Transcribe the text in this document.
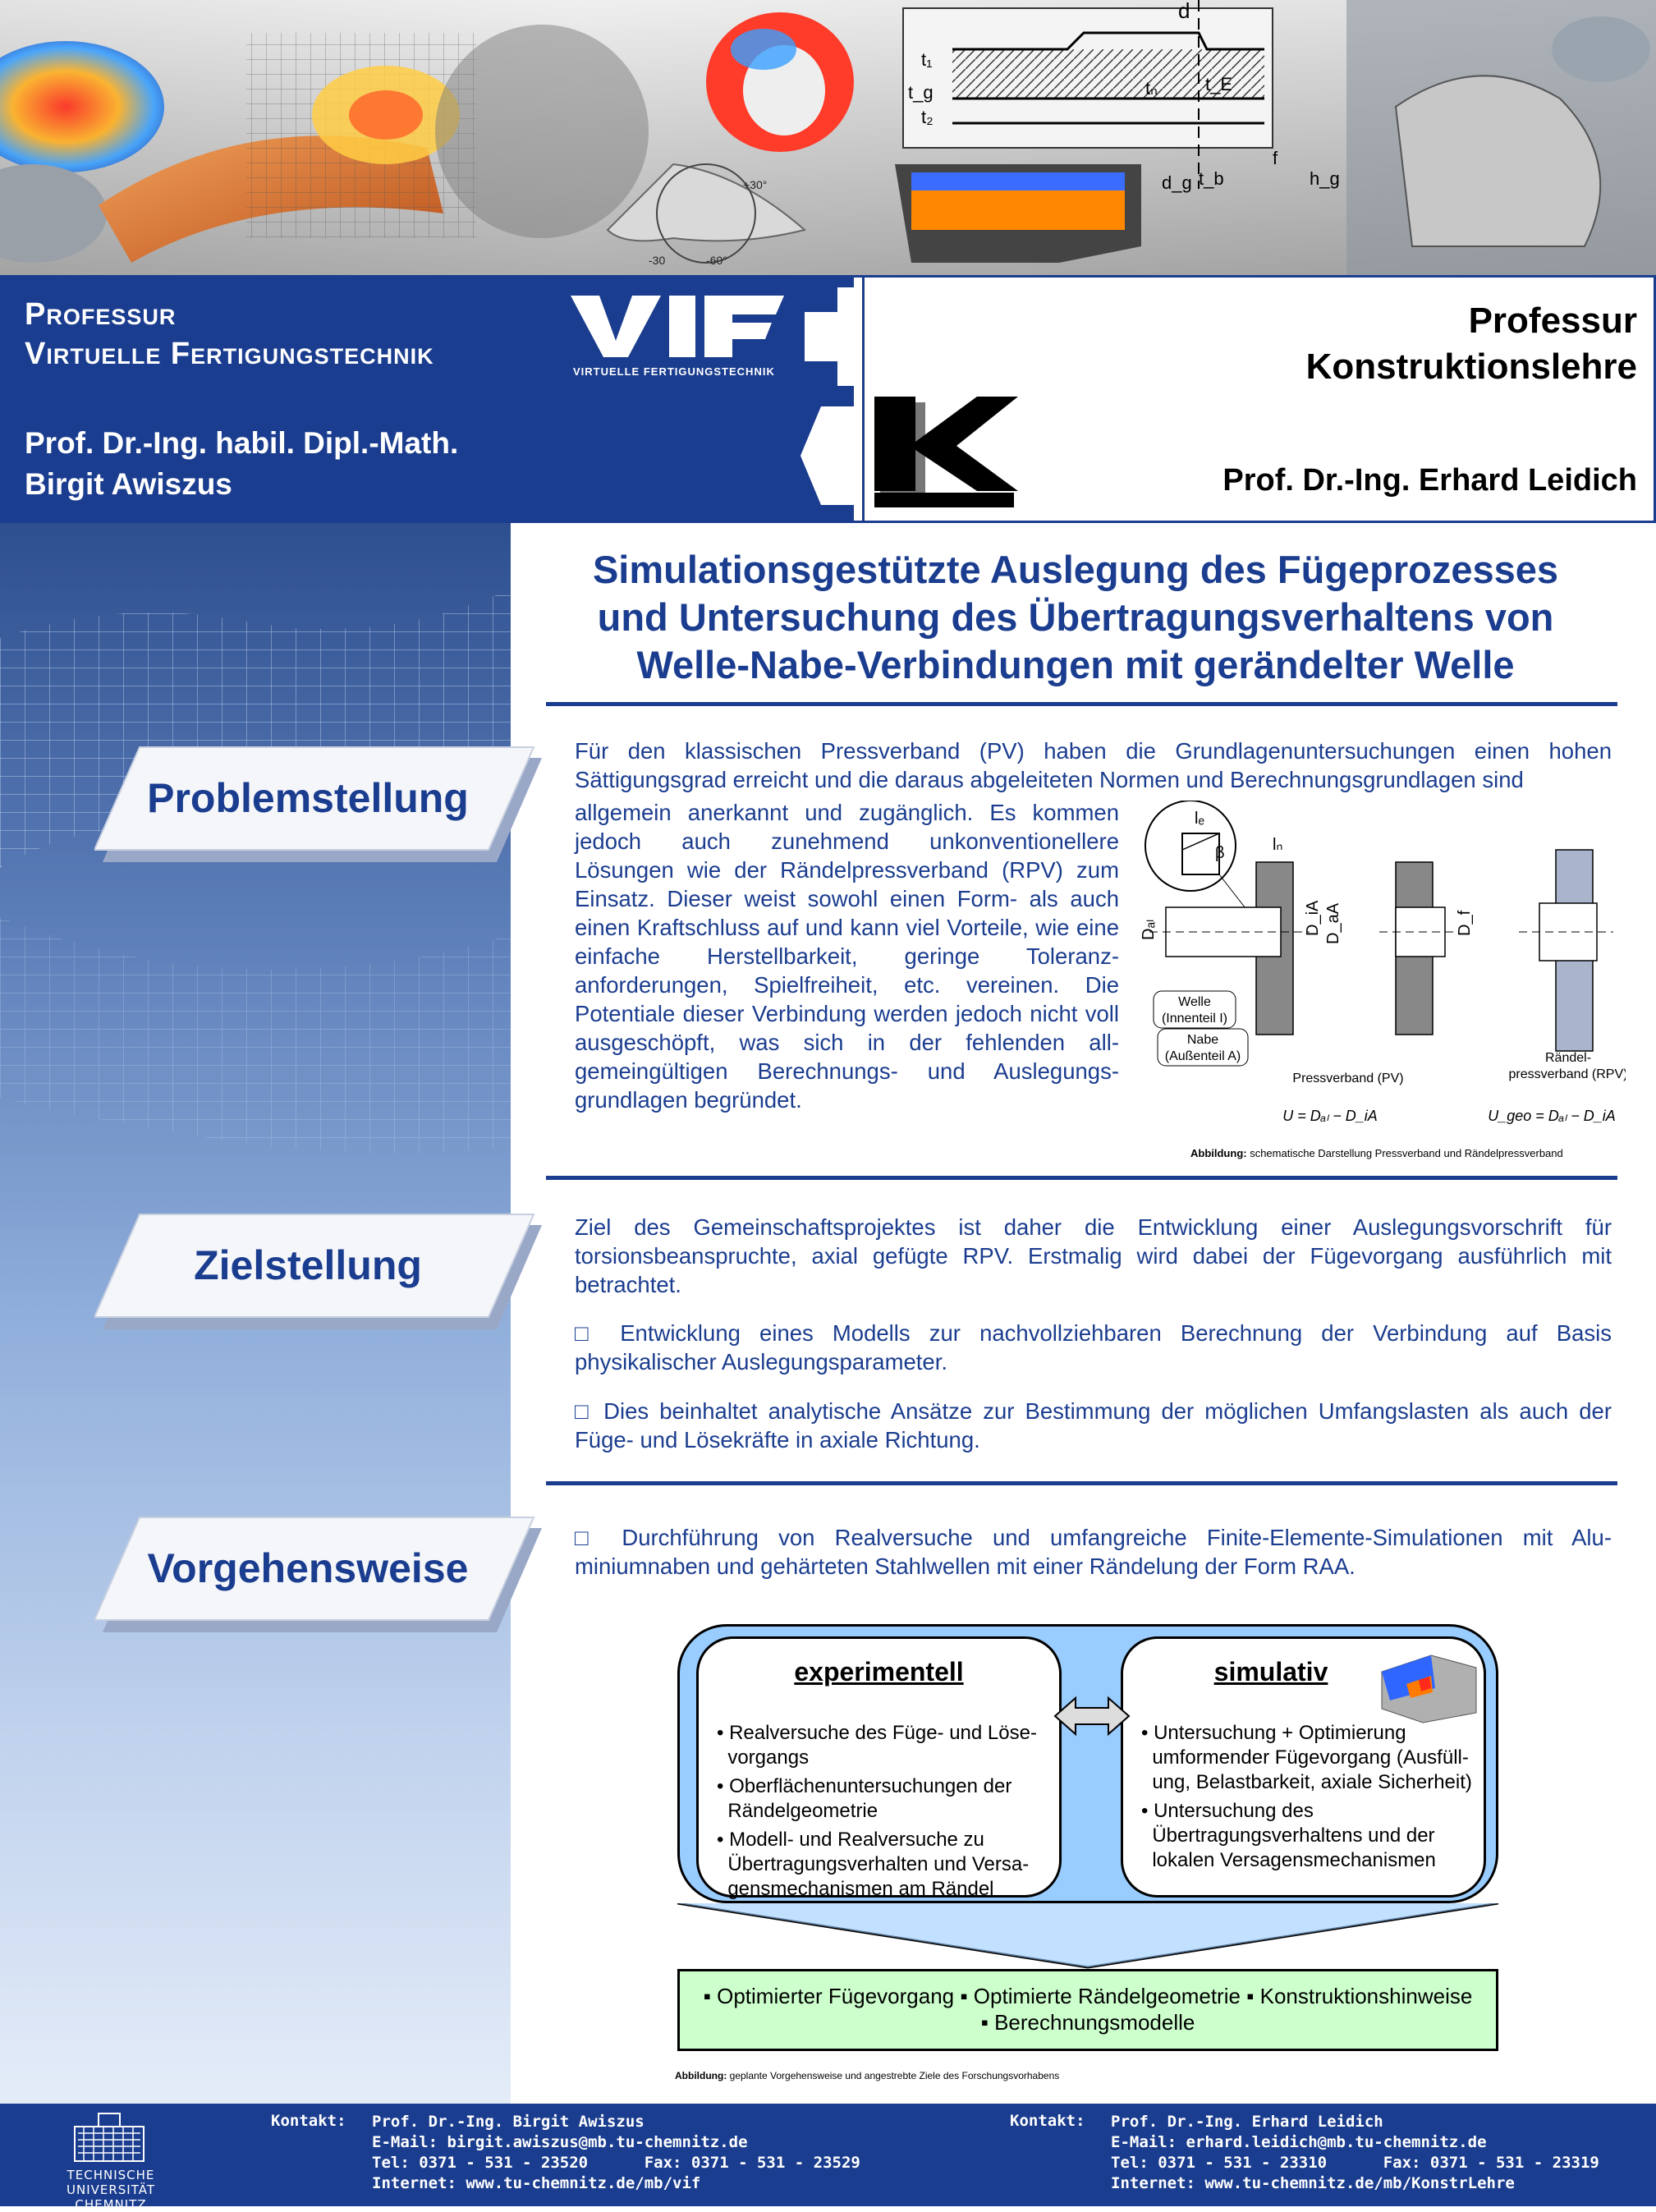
+30°
-30	-60°
d
t₁
t₂
t_g	tₙ	t_E
f
h_g
d_g t_b
Professur
Virtuelle Fertigungstechnik
VIRTUELLE FERTIGUNGSTECHNIK
Prof. Dr.-Ing. habil. Dipl.-Math.
Birgit Awiszus
Professur
Konstruktionslehre
Prof. Dr.-Ing. Erhard Leidich
Problemstellung
Zielstellung
Vorgehensweise
Simulationsgestützte Auslegung des Fügeprozesses
und Untersuchung des Übertragungsverhaltens von
Welle-Nabe-Verbindungen mit gerändelter Welle
Für den klassischen Pressverband (PV) haben die Grundlagenuntersuchungen einen hohen Sättigungsgrad erreicht und die daraus abgeleiteten Normen und Berechnungsgrundlagen sind
allgemein anerkannt und zugänglich. Es kommen jedoch auch zunehmend unkonventionellere Lösungen wie der Rändelpressverband (RPV) zum Einsatz. Dieser weist sowohl einen Form- als auch einen Kraftschluss auf und kann viel Vorteile, wie eine einfache Herstellbarkeit, geringe Toleranzanforderungen, Spielfreiheit, etc. vereinen. Die Potentiale dieser Verbindung werden jedoch nicht voll ausgeschöpft, was sich in der fehlenden allgemeingültigen Berechnungs- und Auslegungsgrundlagen begründet.
lₑ
β	lₙ
Dₐₗ	D_iA D_aA	D_f
Welle
(Innenteil I)
Nabe
(Außenteil A)
Pressverband (PV)
Rändel-
pressverband (RPV)
U = Dₐₗ − D_iA	U_geo = Dₐₗ − D_iA
Abbildung: schematische Darstellung Pressverband und Rändelpressverband
Ziel des Gemeinschaftsprojektes ist daher die Entwicklung einer Auslegungsvorschrift für torsionsbeanspruchte, axial gefügte RPV. Erstmalig wird dabei der Fügevorgang ausführlich mit betrachtet.
□ Entwicklung eines Modells zur nachvollziehbaren Berechnung der Verbindung auf Basis physikalischer Auslegungsparameter.
□ Dies beinhaltet analytische Ansätze zur Bestimmung der möglichen Umfangslasten als auch der Füge- und Lösekräfte in axiale Richtung.
□ Durchführung von Realversuche und umfangreiche Finite-Elemente-Simulationen mit Aluminiumnaben und gehärteten Stahlwellen mit einer Rändelung der Form RAA.
experimentell
• Realversuche des Füge- und Löse-
vorgangs
• Oberflächenuntersuchungen der
Rändelgeometrie
• Modell- und Realversuche zu
Übertragungsverhalten und Versa-
gensmechanismen am Rändel
simulativ
• Untersuchung + Optimierung
umformender Fügevorgang (Ausfüll-
ung, Belastbarkeit, axiale Sicherheit)
• Untersuchung des
Übertragungsverhaltens und der
lokalen Versagensmechanismen
▪ Optimierter Fügevorgang ▪ Optimierte Rändelgeometrie ▪ Konstruktionshinweise
▪ Berechnungsmodelle
Abbildung: geplante Vorgehensweise und angestrebte Ziele des Forschungsvorhabens
TECHNISCHE UNIVERSITÄT
CHEMNITZ
Kontakt: Prof. Dr.-Ing. Birgit Awiszus
E-Mail: birgit.awiszus@mb.tu-chemnitz.de
Tel: 0371 - 531 - 23520      Fax: 0371 - 531 - 23529
Internet: www.tu-chemnitz.de/mb/vif
Kontakt: Prof. Dr.-Ing. Erhard Leidich
E-Mail: erhard.leidich@mb.tu-chemnitz.de
Tel: 0371 - 531 - 23310      Fax: 0371 - 531 - 23319
Internet: www.tu-chemnitz.de/mb/KonstrLehre
